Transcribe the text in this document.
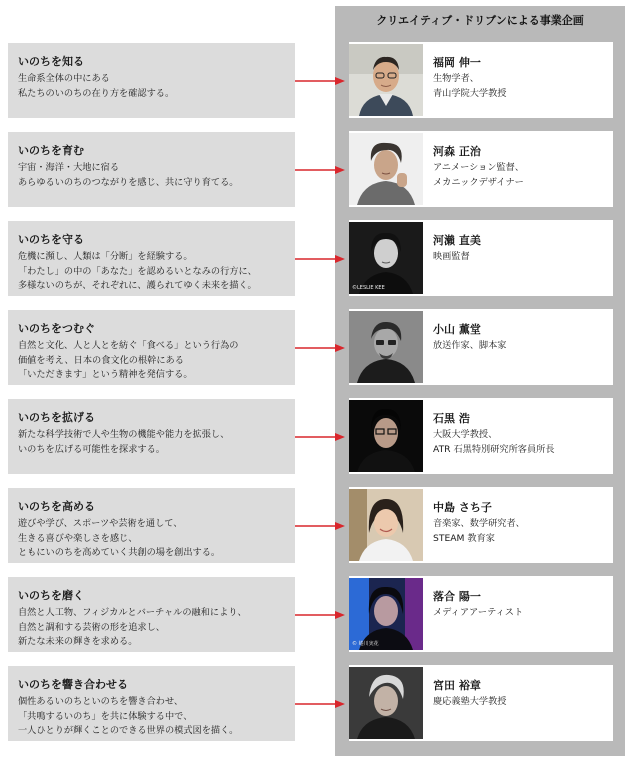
クリエイティブ・ドリブンによる事業企画
いのちを知る
生命系全体の中にある
私たちのいのちの在り方を確認する。
福岡 伸一
生物学者、
青山学院大学教授
いのちを育む
宇宙・海洋・大地に宿る
あらゆるいのちのつながりを感じ、共に守り育てる。
河森 正治
アニメーション監督、
メカニックデザイナー
いのちを守る
危機に瀕し、人類は「分断」を経験する。
「わたし」の中の「あなた」を認めるいとなみの行方に、
多様ないのちが、それぞれに、護られてゆく未来を描く。	©LESLIE KEE
河瀨 直美
映画監督
いのちをつむぐ
自然と文化、人と人とを紡ぐ「食べる」という行為の
価値を考え、日本の食文化の根幹にある
「いただきます」という精神を発信する。
小山 薫堂
放送作家、脚本家
いのちを拡げる
新たな科学技術で人や生物の機能や能力を拡張し、
いのちを広げる可能性を探求する。
石黒 浩
大阪大学教授、
ATR 石黒特別研究所客員所長
いのちを高める
遊びや学び、スポーツや芸術を通して、
生きる喜びや楽しさを感じ、
ともにいのちを高めていく共創の場を創出する。
中島 さち子
音楽家、数学研究者、
STEAM 教育家
いのちを磨く
自然と人工物、フィジカルとバーチャルの融和により、
自然と調和する芸術の形を追求し、
新たな未来の輝きを求める。	© 蜷川実花
落合 陽一
メディアアーティスト
いのちを響き合わせる
個性あるいのちといのちを響き合わせ、
「共鳴するいのち」を共に体験する中で、
一人ひとりが輝くことのできる世界の模式図を描く。
宮田 裕章
慶応義塾大学教授
